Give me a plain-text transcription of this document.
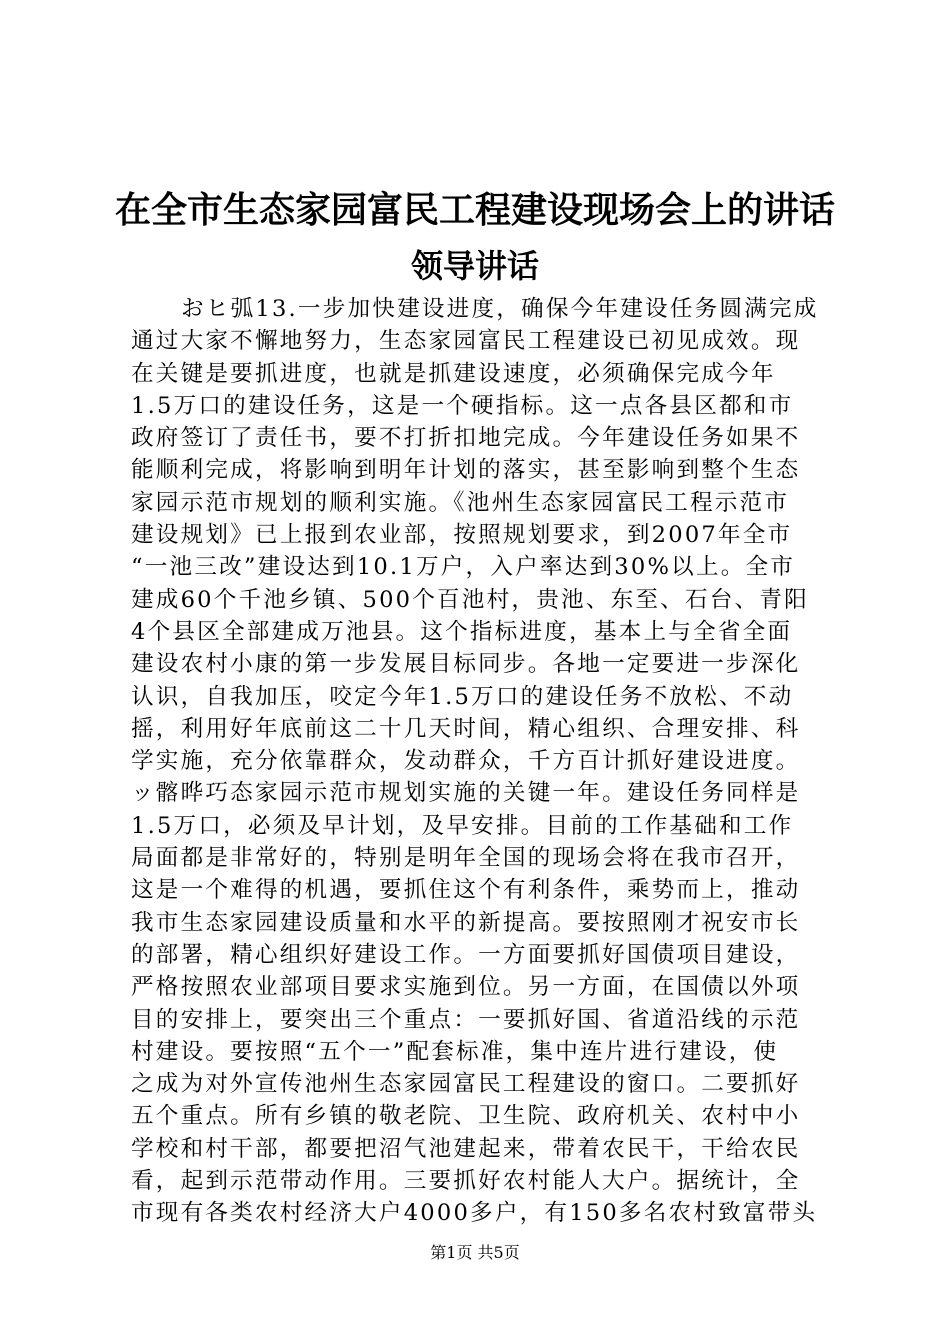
在全市生态家园富民工程建设现场会上的讲话
领导讲话
おヒ弧13.一步加快建设进度，确保今年建设任务圆满完成
通过大家不懈地努力，生态家园富民工程建设已初见成效。现
在关键是要抓进度，也就是抓建设速度，必须确保完成今年
1.5万口的建设任务，这是一个硬指标。这一点各县区都和市
政府签订了责任书，要不打折扣地完成。今年建设任务如果不
能顺利完成，将影响到明年计划的落实，甚至影响到整个生态
家园示范市规划的顺利实施。《池州生态家园富民工程示范市
建设规划》已上报到农业部，按照规划要求，到2007年全市
“一池三改”建设达到10.1万户，入户率达到30%以上。全市
建成60个千池乡镇、500个百池村，贵池、东至、石台、青阳
4个县区全部建成万池县。这个指标进度，基本上与全省全面
建设农村小康的第一步发展目标同步。各地一定要进一步深化
认识，自我加压，咬定今年1.5万口的建设任务不放松、不动
摇，利用好年底前这二十几天时间，精心组织、合理安排、科
学实施，充分依靠群众，发动群众，千方百计抓好建设进度。
ッ髂晔巧态家园示范市规划实施的关键一年。建设任务同样是
1.5万口，必须及早计划，及早安排。目前的工作基础和工作
局面都是非常好的，特别是明年全国的现场会将在我市召开，
这是一个难得的机遇，要抓住这个有利条件，乘势而上，推动
我市生态家园建设质量和水平的新提高。要按照刚才祝安市长
的部署，精心组织好建设工作。一方面要抓好国债项目建设，
严格按照农业部项目要求实施到位。另一方面，在国债以外项
目的安排上，要突出三个重点：一要抓好国、省道沿线的示范
村建设。要按照“五个一”配套标准，集中连片进行建设，使
之成为对外宣传池州生态家园富民工程建设的窗口。二要抓好
五个重点。所有乡镇的敬老院、卫生院、政府机关、农村中小
学校和村干部，都要把沼气池建起来，带着农民干，干给农民
看，起到示范带动作用。三要抓好农村能人大户。据统计，全
市现有各类农村经济大户4000多户，有150多名农村致富带头
第1页 共5页
